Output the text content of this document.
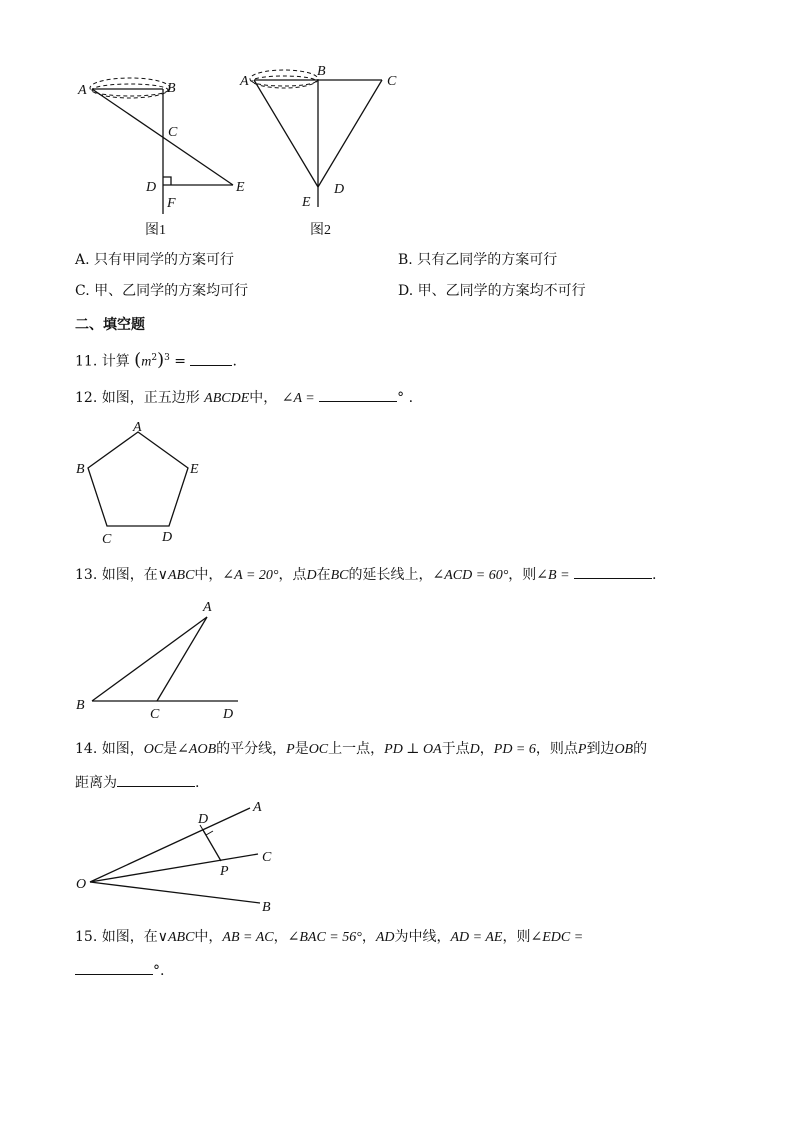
A	B
C
D	E
F
图1
A
B
C
D
E
图2
A. 只有甲同学的方案可行	B. 只有乙同学的方案可行
C. 甲、乙同学的方案均可行	D. 甲、乙同学的方案均不可行
二、填空题
11. 计算 $(m^2)^3$ =	.
12. 如图，正五边形 ABCDE中， ∠A =	° .
A
B
C	D
E
13. 如图，在∨ABC中，∠A = 20°，点D在BC的延长线上，∠ACD = 60°，则∠B =	.
A
B
C	D
14. 如图，OC是∠AOB的平分线，P是OC上一点，PD ⊥ OA于点D，PD = 6，则点P到边OB的
距离为	.
O
A
C
B
D
P
15. 如图，在∨ABC中，AB = AC，∠BAC = 56°，AD为中线，AD = AE，则∠EDC =
°.
